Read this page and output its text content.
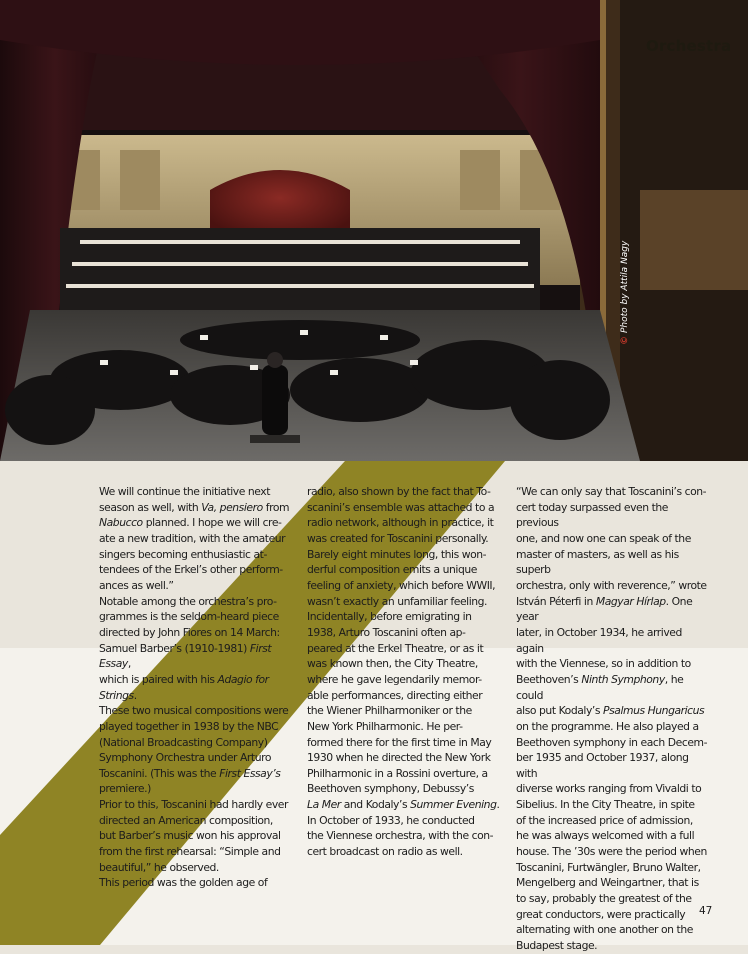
Orchestra
©Photo by Attila Nagy

We will continue the initiative next

season as well, with Va, pensiero from

Nabucco planned. I hope we will cre-

ate a new tradition, with the amateur

singers becoming enthusiastic at-

tendees of the Erkel’s other perform-

ances as well.”

Notable among the orchestra’s pro-

grammes is the seldom-heard piece

directed by John Fiores on 14 March:

Samuel Barber’s (1910-1981) First Essay,

which is paired with his Adagio for Strings.

These two musical compositions were

played together in 1938 by the NBC

(National Broadcasting Company)

Symphony Orchestra under Arturo

Toscanini. (This was the First Essay’s

premiere.)

Prior to this, Toscanini had hardly ever

directed an American composition,

but Barber’s music won his approval

from the first rehearsal: “Simple and

beautiful,” he observed.

This period was the golden age of

radio, also shown by the fact that To-

scanini’s ensemble was attached to a

radio network, although in practice, it

was created for Toscanini personally.

Barely eight minutes long, this won-

derful composition emits a unique

feeling of anxiety, which before WWII,

wasn’t exactly an unfamiliar feeling.

Incidentally, before emigrating in

1938, Arturo Toscanini often ap-

peared at the Erkel Theatre, or as it

was known then, the City Theatre,

where he gave legendarily memor-

able performances, directing either

the Wiener Philharmoniker or the

New York Philharmonic. He per-

formed there for the first time in May

1930 when he directed the New York

Philharmonic in a Rossini overture, a

Beethoven symphony, Debussy’s

La Mer and Kodaly’s Summer Evening.

In October of 1933, he conducted

the Viennese orchestra, with the con-

cert broadcast on radio as well.

“We can only say that Toscanini’s con-

cert today surpassed even the previous

one, and now one can speak of the

master of masters, as well as his superb

orchestra, only with reverence,” wrote

István Péterfi in Magyar Hírlap. One year

later, in October 1934, he arrived again

with the Viennese, so in addition to

Beethoven’s Ninth Symphony, he could

also put Kodaly’s Psalmus Hungaricus

on the programme. He also played a

Beethoven symphony in each Decem-

ber 1935 and October 1937, along with

diverse works ranging from Vivaldi to

Sibelius. In the City Theatre, in spite

of the increased price of admission,

he was always welcomed with a full

house. The ’30s were the period when

Toscanini, Furtwängler, Bruno Walter,

Mengelberg and Weingartner, that is

to say, probably the greatest of the

great conductors, were practically

alternating with one another on the

Budapest stage.

47
